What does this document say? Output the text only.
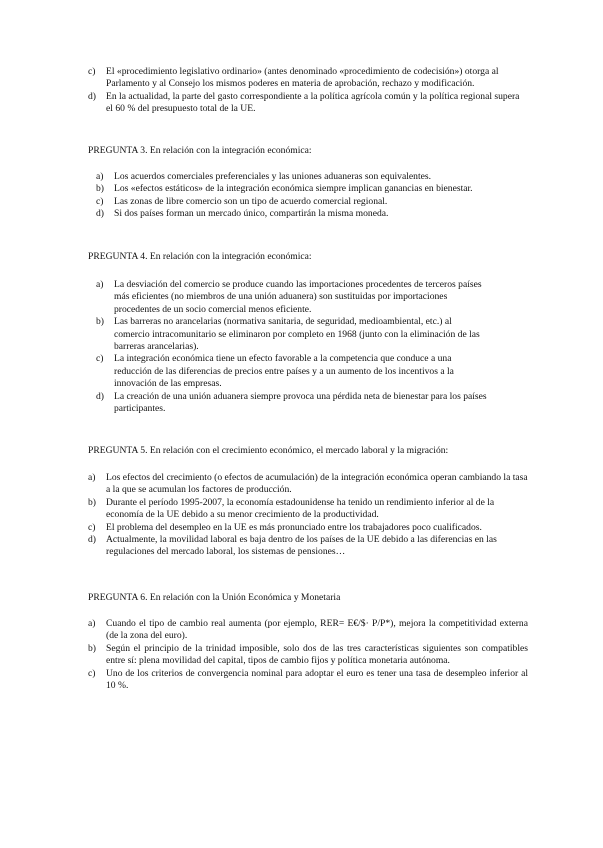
c)	El «procedimiento legislativo ordinario» (antes denominado «procedimiento de codecisión») otorga al Parlamento y al Consejo los mismos poderes en materia de aprobación, rechazo y modificación.
d)	En la actualidad, la parte del gasto correspondiente a la política agrícola común y la política regional supera el 60 % del presupuesto total de la UE.
PREGUNTA 3. En relación con la integración económica:
a)	Los acuerdos comerciales preferenciales y las uniones aduaneras son equivalentes.
b)	Los «efectos estáticos» de la integración económica siempre implican ganancias en bienestar.
c)	Las zonas de libre comercio son un tipo de acuerdo comercial regional.
d)	Si dos países forman un mercado único, compartirán la misma moneda.
PREGUNTA 4. En relación con la integración económica:
a)	La desviación del comercio se produce cuando las importaciones procedentes de terceros países más eficientes (no miembros de una unión aduanera) son sustituidas por importaciones procedentes de un socio comercial menos eficiente.
b)	Las barreras no arancelarias (normativa sanitaria, de seguridad, medioambiental, etc.) al comercio intracomunitario se eliminaron por completo en 1968 (junto con la eliminación de las barreras arancelarias).
c)	La integración económica tiene un efecto favorable a la competencia que conduce a una reducción de las diferencias de precios entre países y a un aumento de los incentivos a la innovación de las empresas.
d)	La creación de una unión aduanera siempre provoca una pérdida neta de bienestar para los países participantes.
PREGUNTA 5. En relación con el crecimiento económico, el mercado laboral y la migración:
a)	Los efectos del crecimiento (o efectos de acumulación) de la integración económica operan cambiando la tasa a la que se acumulan los factores de producción.
b)	Durante el período 1995-2007, la economía estadounidense ha tenido un rendimiento inferior al de la economía de la UE debido a su menor crecimiento de la productividad.
c)	El problema del desempleo en la UE es más pronunciado entre los trabajadores poco cualificados.
d)	Actualmente, la movilidad laboral es baja dentro de los países de la UE debido a las diferencias en las regulaciones del mercado laboral, los sistemas de pensiones…
PREGUNTA 6. En relación con la Unión Económica y Monetaria
a)	Cuando el tipo de cambio real aumenta (por ejemplo, RER= E€/$· P/P*), mejora la competitividad externa (de la zona del euro).
b)	Según el principio de la trinidad imposible, solo dos de las tres características siguientes son compatibles entre sí: plena movilidad del capital, tipos de cambio fijos y política monetaria autónoma.
c)	Uno de los criterios de convergencia nominal para adoptar el euro es tener una tasa de desempleo inferior al 10 %.
